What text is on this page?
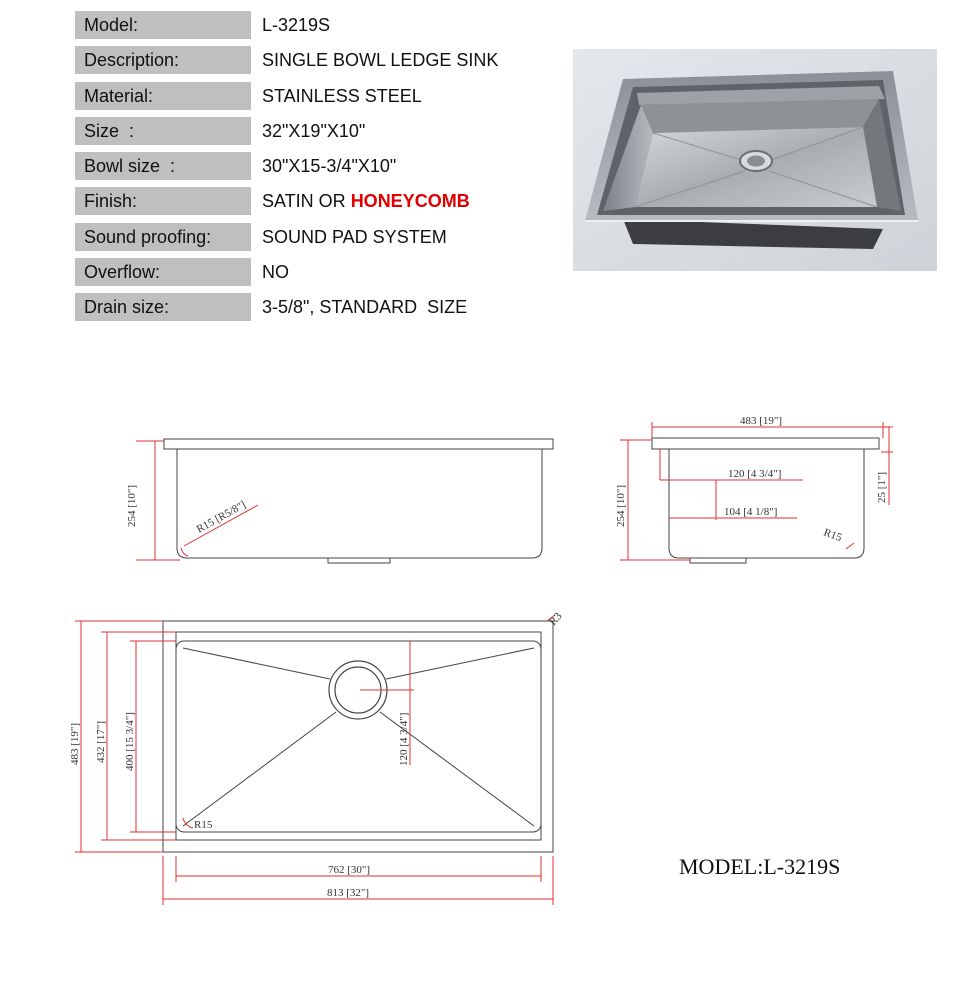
Model:	L-3219S
Description:	SINGLE BOWL LEDGE SINK
Material:	STAINLESS STEEL
Size :	32"X19"X10"
Bowl size :	30"X15-3/4"X10"
Finish:	SATIN OR HONEYCOMB
Sound proofing:	SOUND PAD SYSTEM
Overflow:	NO
Drain size:	3-5/8", STANDARD  SIZE
254 [10"]	R15 [R5/8"]
483 [19"]
254 [10"]	25 [1"]
120 [4 3/4"]
104 [4 1/8"]
R15
483 [19"] 432 [17"] 400 [15 3/4"]	120 [4 3/4"]
762 [30"]
813 [32"]
R3
R15
MODEL:L-3219S
